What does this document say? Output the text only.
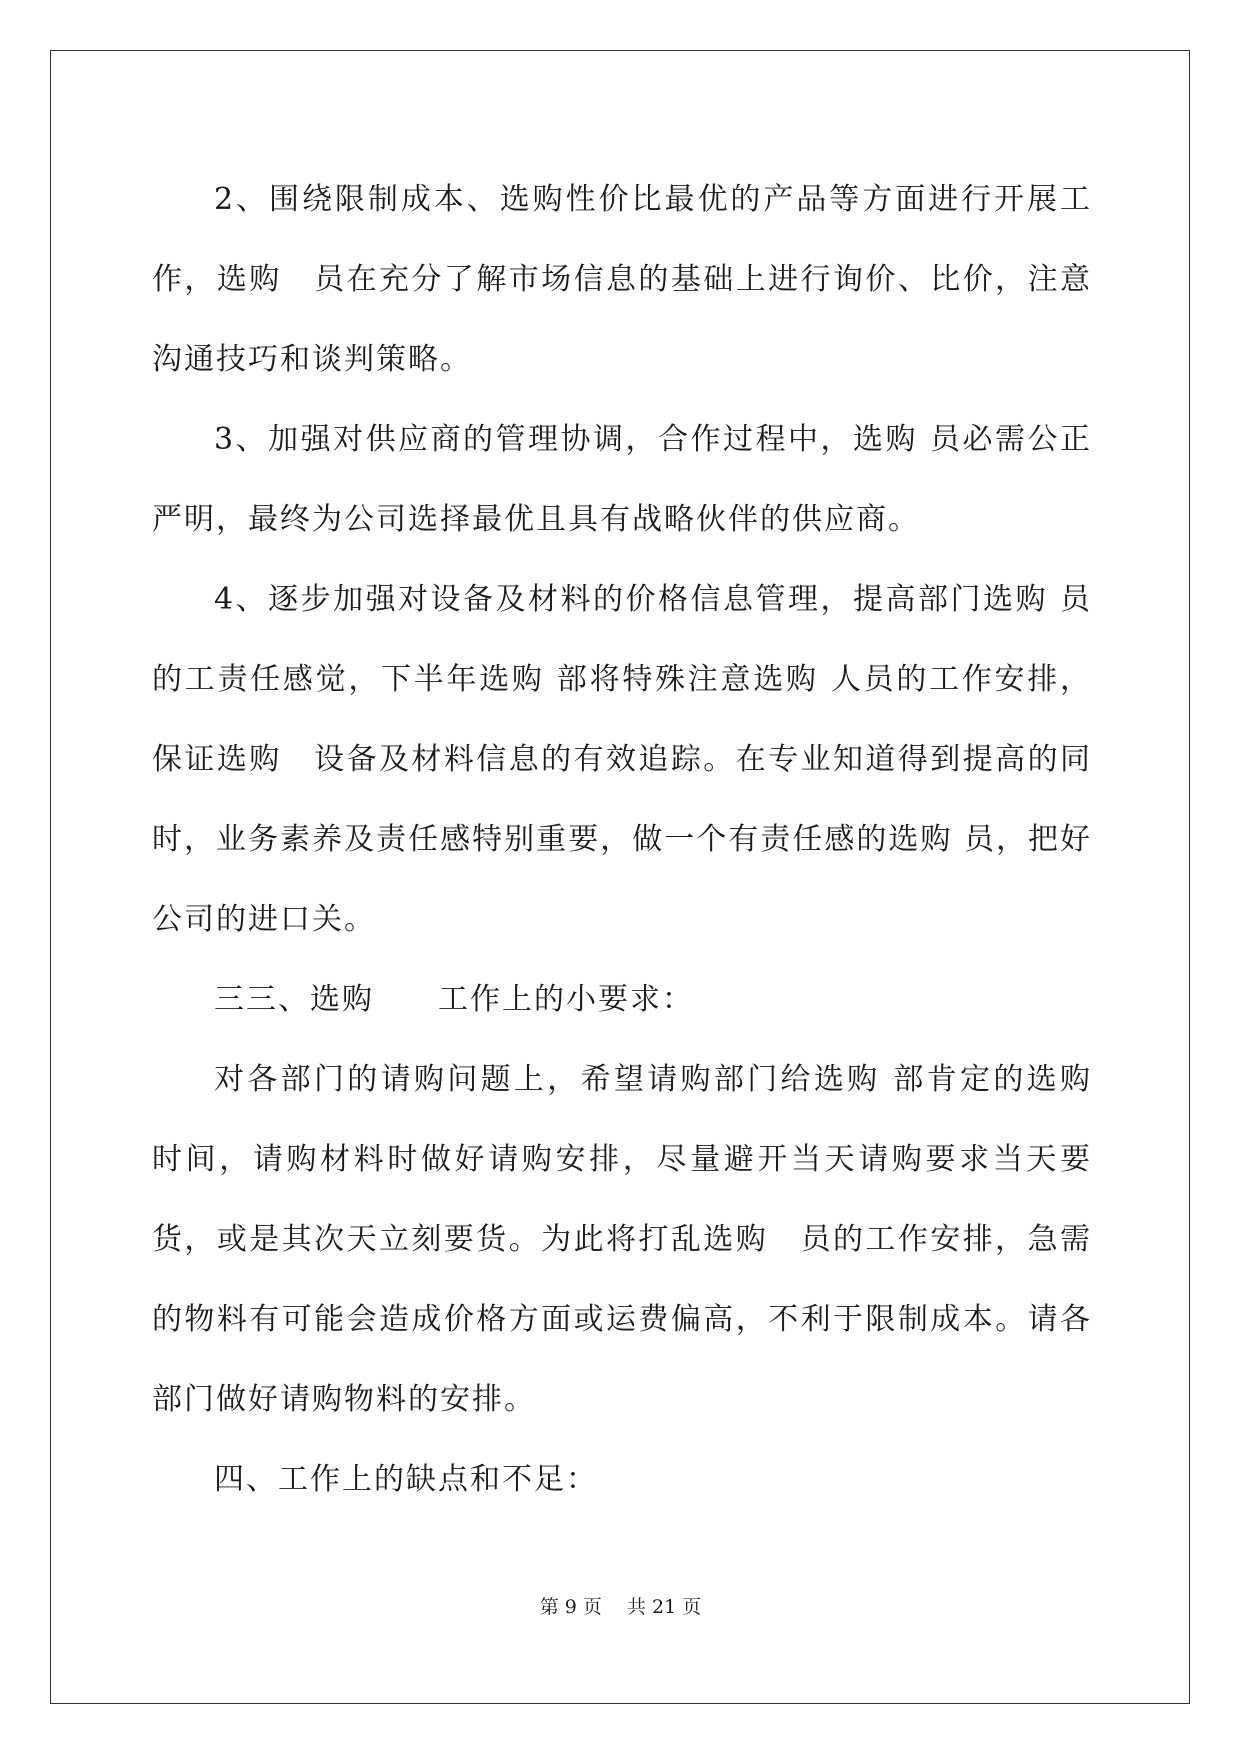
2、围绕限制成本、选购性价比最优的产品等方面进行开展工作，选购　员在充分了解市场信息的基础上进行询价、比价，注意沟通技巧和谈判策略。

3、加强对供应商的管理协调，合作过程中，选购 员必需公正严明，最终为公司选择最优且具有战略伙伴的供应商。

4、逐步加强对设备及材料的价格信息管理，提高部门选购 员的工责任感觉，下半年选购 部将特殊注意选购 人员的工作安排，保证选购　设备及材料信息的有效追踪。在专业知道得到提高的同时，业务素养及责任感特别重要，做一个有责任感的选购 员，把好公司的进口关。

三三、选购　　工作上的小要求：

对各部门的请购问题上，希望请购部门给选购 部肯定的选购　时间，请购材料时做好请购安排，尽量避开当天请购要求当天要货，或是其次天立刻要货。为此将打乱选购　员的工作安排，急需的物料有可能会造成价格方面或运费偏高，不利于限制成本。请各部门做好请购物料的安排。

四、工作上的缺点和不足：

第 9 页　 共 21 页
